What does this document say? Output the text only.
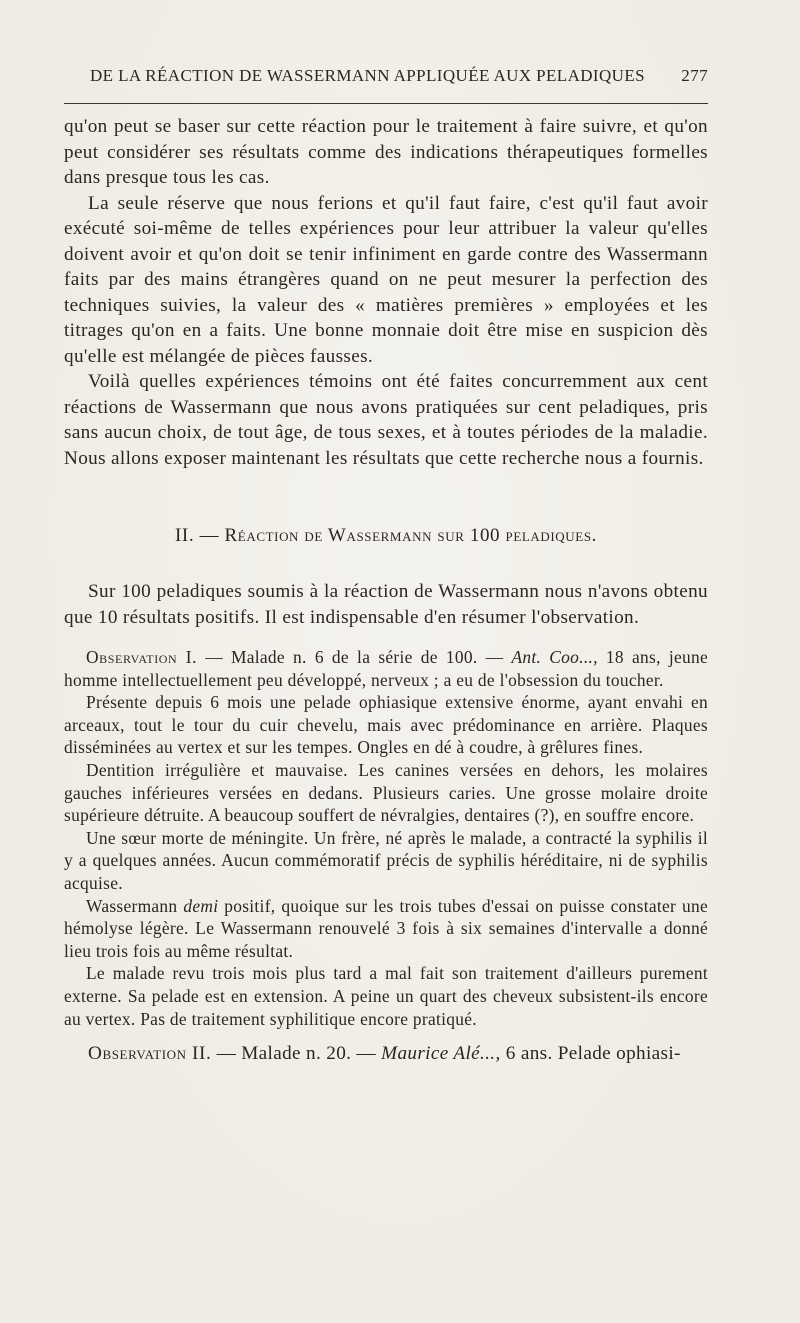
DE LA RÉACTION DE WASSERMANN APPLIQUÉE AUX PELADIQUES 277

qu'on peut se baser sur cette réaction pour le traitement à faire suivre, et qu'on peut considérer ses résultats comme des indications thérapeutiques formelles dans presque tous les cas.

La seule réserve que nous ferions et qu'il faut faire, c'est qu'il faut avoir exécuté soi-même de telles expériences pour leur attribuer la valeur qu'elles doivent avoir et qu'on doit se tenir infiniment en garde contre des Wassermann faits par des mains étrangères quand on ne peut mesurer la perfection des techniques suivies, la valeur des « matières premières » employées et les titrages qu'on en a faits. Une bonne monnaie doit être mise en suspicion dès qu'elle est mélangée de pièces fausses.

Voilà quelles expériences témoins ont été faites concurremment aux cent réactions de Wassermann que nous avons pratiquées sur cent peladiques, pris sans aucun choix, de tout âge, de tous sexes, et à toutes périodes de la maladie. Nous allons exposer maintenant les résultats que cette recherche nous a fournis.

II. — Réaction de Wassermann sur 100 peladiques.

Sur 100 peladiques soumis à la réaction de Wassermann nous n'avons obtenu que 10 résultats positifs. Il est indispensable d'en résumer l'observation.

Observation I. — Malade n. 6 de la série de 100. — Ant. Coo..., 18 ans, jeune homme intellectuellement peu développé, nerveux ; a eu de l'obsession du toucher.

Présente depuis 6 mois une pelade ophiasique extensive énorme, ayant envahi en arceaux, tout le tour du cuir chevelu, mais avec prédominance en arrière. Plaques disséminées au vertex et sur les tempes. Ongles en dé à coudre, à grêlures fines.

Dentition irrégulière et mauvaise. Les canines versées en dehors, les molaires gauches inférieures versées en dedans. Plusieurs caries. Une grosse molaire droite supérieure détruite. A beaucoup souffert de névralgies, dentaires (?), en souffre encore.

Une sœur morte de méningite. Un frère, né après le malade, a contracté la syphilis il y a quelques années. Aucun commémoratif précis de syphilis héréditaire, ni de syphilis acquise.

Wassermann demi positif, quoique sur les trois tubes d'essai on puisse constater une hémolyse légère. Le Wassermann renouvelé 3 fois à six semaines d'intervalle a donné lieu trois fois au même résultat.

Le malade revu trois mois plus tard a mal fait son traitement d'ailleurs purement externe. Sa pelade est en extension. A peine un quart des cheveux subsistent-ils encore au vertex. Pas de traitement syphilitique encore pratiqué.

Observation II. — Malade n. 20. — Maurice Alé..., 6 ans. Pelade ophiasi-
